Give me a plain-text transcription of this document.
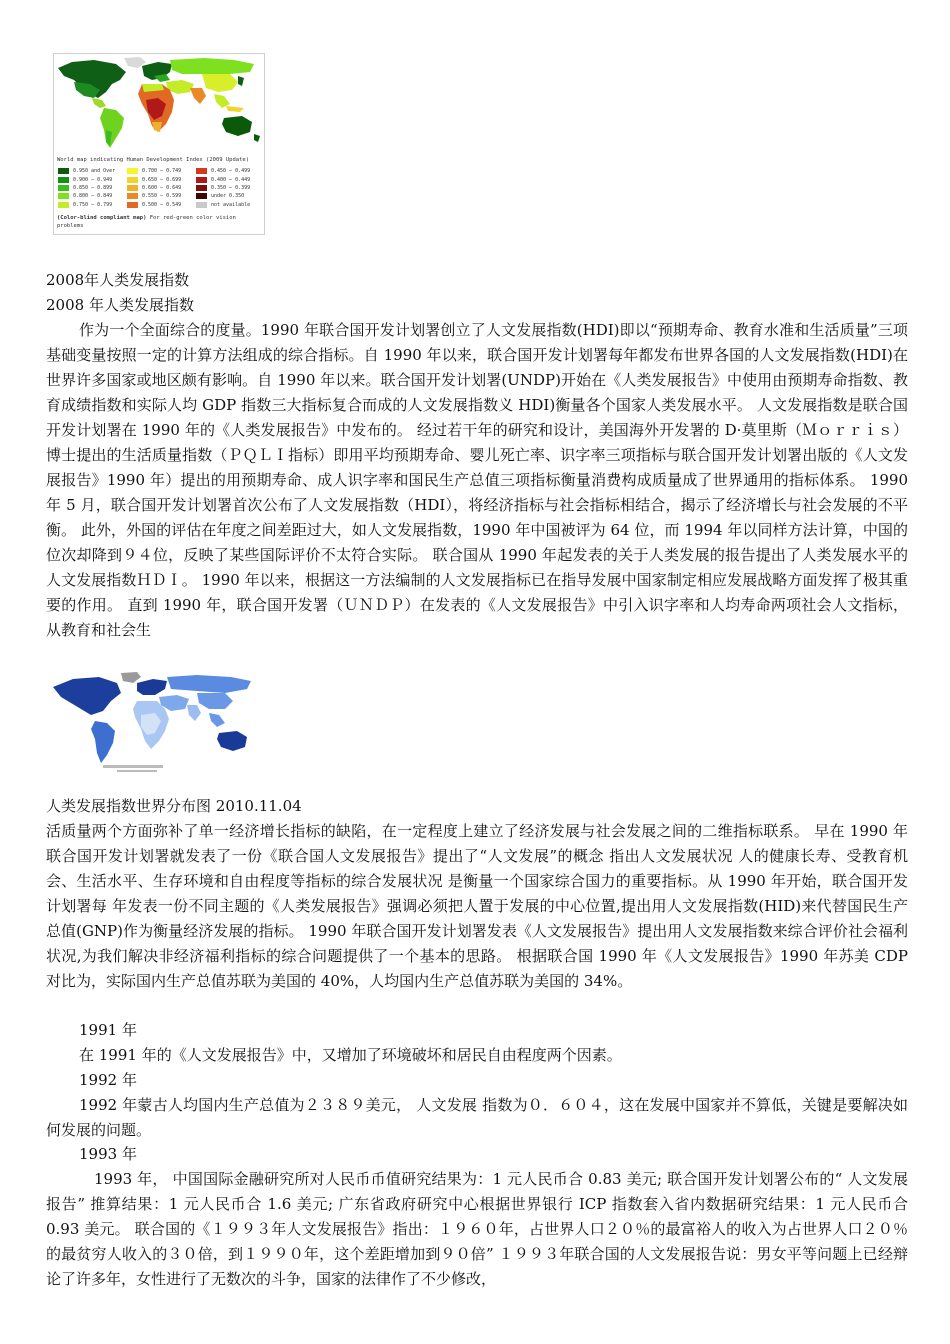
World map indicating Human Development Index (2009 Update)
0.950 and Over
0.900 – 0.949
0.850 – 0.899
0.800 – 0.849
0.750 – 0.799
0.700 – 0.749
0.650 – 0.699
0.600 – 0.649
0.550 – 0.599
0.500 – 0.549
0.450 – 0.499
0.400 – 0.449
0.350 – 0.399
under 0.350
not available
(Color-blind compliant map) For red-green color vision problems

2008年人类发展指数

2008 年人类发展指数

作为一个全面综合的度量。1990 年联合国开发计划署创立了人文发展指数(HDI)即以“预期寿命、教育水准和生活质量”三项基础变量按照一定的计算方法组成的综合指标。自 1990 年以来，联合国开发计划署每年都发布世界各国的人文发展指数(HDI)在世界许多国家或地区颇有影响。自 1990 年以来。联合国开发计划署(UNDP)开始在《人类发展报告》中使用由预期寿命指数、教育成绩指数和实际人均 GDP 指数三大指标复合而成的人文发展指数义 HDI)衡量各个国家人类发展水平。 人文发展指数是联合国开发计划署在 1990 年的《人类发展报告》中发布的。 经过若干年的研究和设计，美国海外开发署的 D·莫里斯（Ｍｏｒｒｉｓ）博士提出的生活质量指数（ＰＱＬＩ指标）即用平均预期寿命、婴儿死亡率、识字率三项指标与联合国开发计划署出版的《人文发展报告》1990 年）提出的用预期寿命、成人识字率和国民生产总值三项指标衡量消费构成质量成了世界通用的指标体系。 1990 年 5 月，联合国开发计划署首次公布了人文发展指数（HDI），将经济指标与社会指标相结合，揭示了经济增长与社会发展的不平衡。 此外，外国的评估在年度之间差距过大，如人文发展指数，1990 年中国被评为 64 位，而 1994 年以同样方法计算，中国的位次却降到９４位，反映了某些国际评价不太符合实际。 联合国从 1990 年起发表的关于人类发展的报告提出了人类发展水平的人文发展指数ＨＤＩ。 1990 年以来，根据这一方法编制的人文发展指标已在指导发展中国家制定相应发展战略方面发挥了极其重要的作用。 直到 1990 年，联合国开发署（ＵＮＤＰ）在发表的《人文发展报告》中引入识字率和人均寿命两项社会人文指标，从教育和社会生

人类发展指数世界分布图 2010.11.04

活质量两个方面弥补了单一经济增长指标的缺陷，在一定程度上建立了经济发展与社会发展之间的二维指标联系。 早在 1990 年联合国开发计划署就发表了一份《联合国人文发展报告》提出了“人文发展”的概念 指出人文发展状况 人的健康长寿、受教育机会、生活水平、生存环境和自由程度等指标的综合发展状况 是衡量一个国家综合国力的重要指标。从 1990 年开始，联合国开发计划署每 年发表一份不同主题的《人类发展报告》强调必须把人置于发展的中心位置,提出用人文发展指数(HID)来代替国民生产总值(GNP)作为衡量经济发展的指标。 1990 年联合国开发计划署发表《人文发展报告》提出用人文发展指数来综合评价社会福利状况,为我们解决非经济福利指标的综合问题提供了一个基本的思路。 根据联合国 1990 年《人文发展报告》1990 年苏美 CDP 对比为，实际国内生产总值苏联为美国的 40%，人均国内生产总值苏联为美国的 34%。

1991 年

在 1991 年的《人文发展报告》中，又增加了环境破坏和居民自由程度两个因素。

1992 年

1992 年蒙古人均国内生产总值为２３８９美元， 人文发展 指数为０．６０４，这在发展中国家并不算低，关键是要解决如何发展的问题。

1993 年

1993 年， 中国国际金融研究所对人民币币值研究结果为：1 元人民币合 0.83 美元; 联合国开发计划署公布的“ 人文发展 报告” 推算结果：1 元人民币合 1.6 美元; 广东省政府研究中心根据世界银行 ICP 指数套入省内数据研究结果：1 元人民币合 0.93 美元。 联合国的《１９９３年人文发展报告》指出：１９６０年，占世界人口２０％的最富裕人的收入为占世界人口２０％的最贫穷人收入的３０倍，到１９９０年，这个差距增加到９０倍” １９９３年联合国的人文发展报告说：男女平等问题上已经辩论了许多年，女性进行了无数次的斗争，国家的法律作了不少修改，
